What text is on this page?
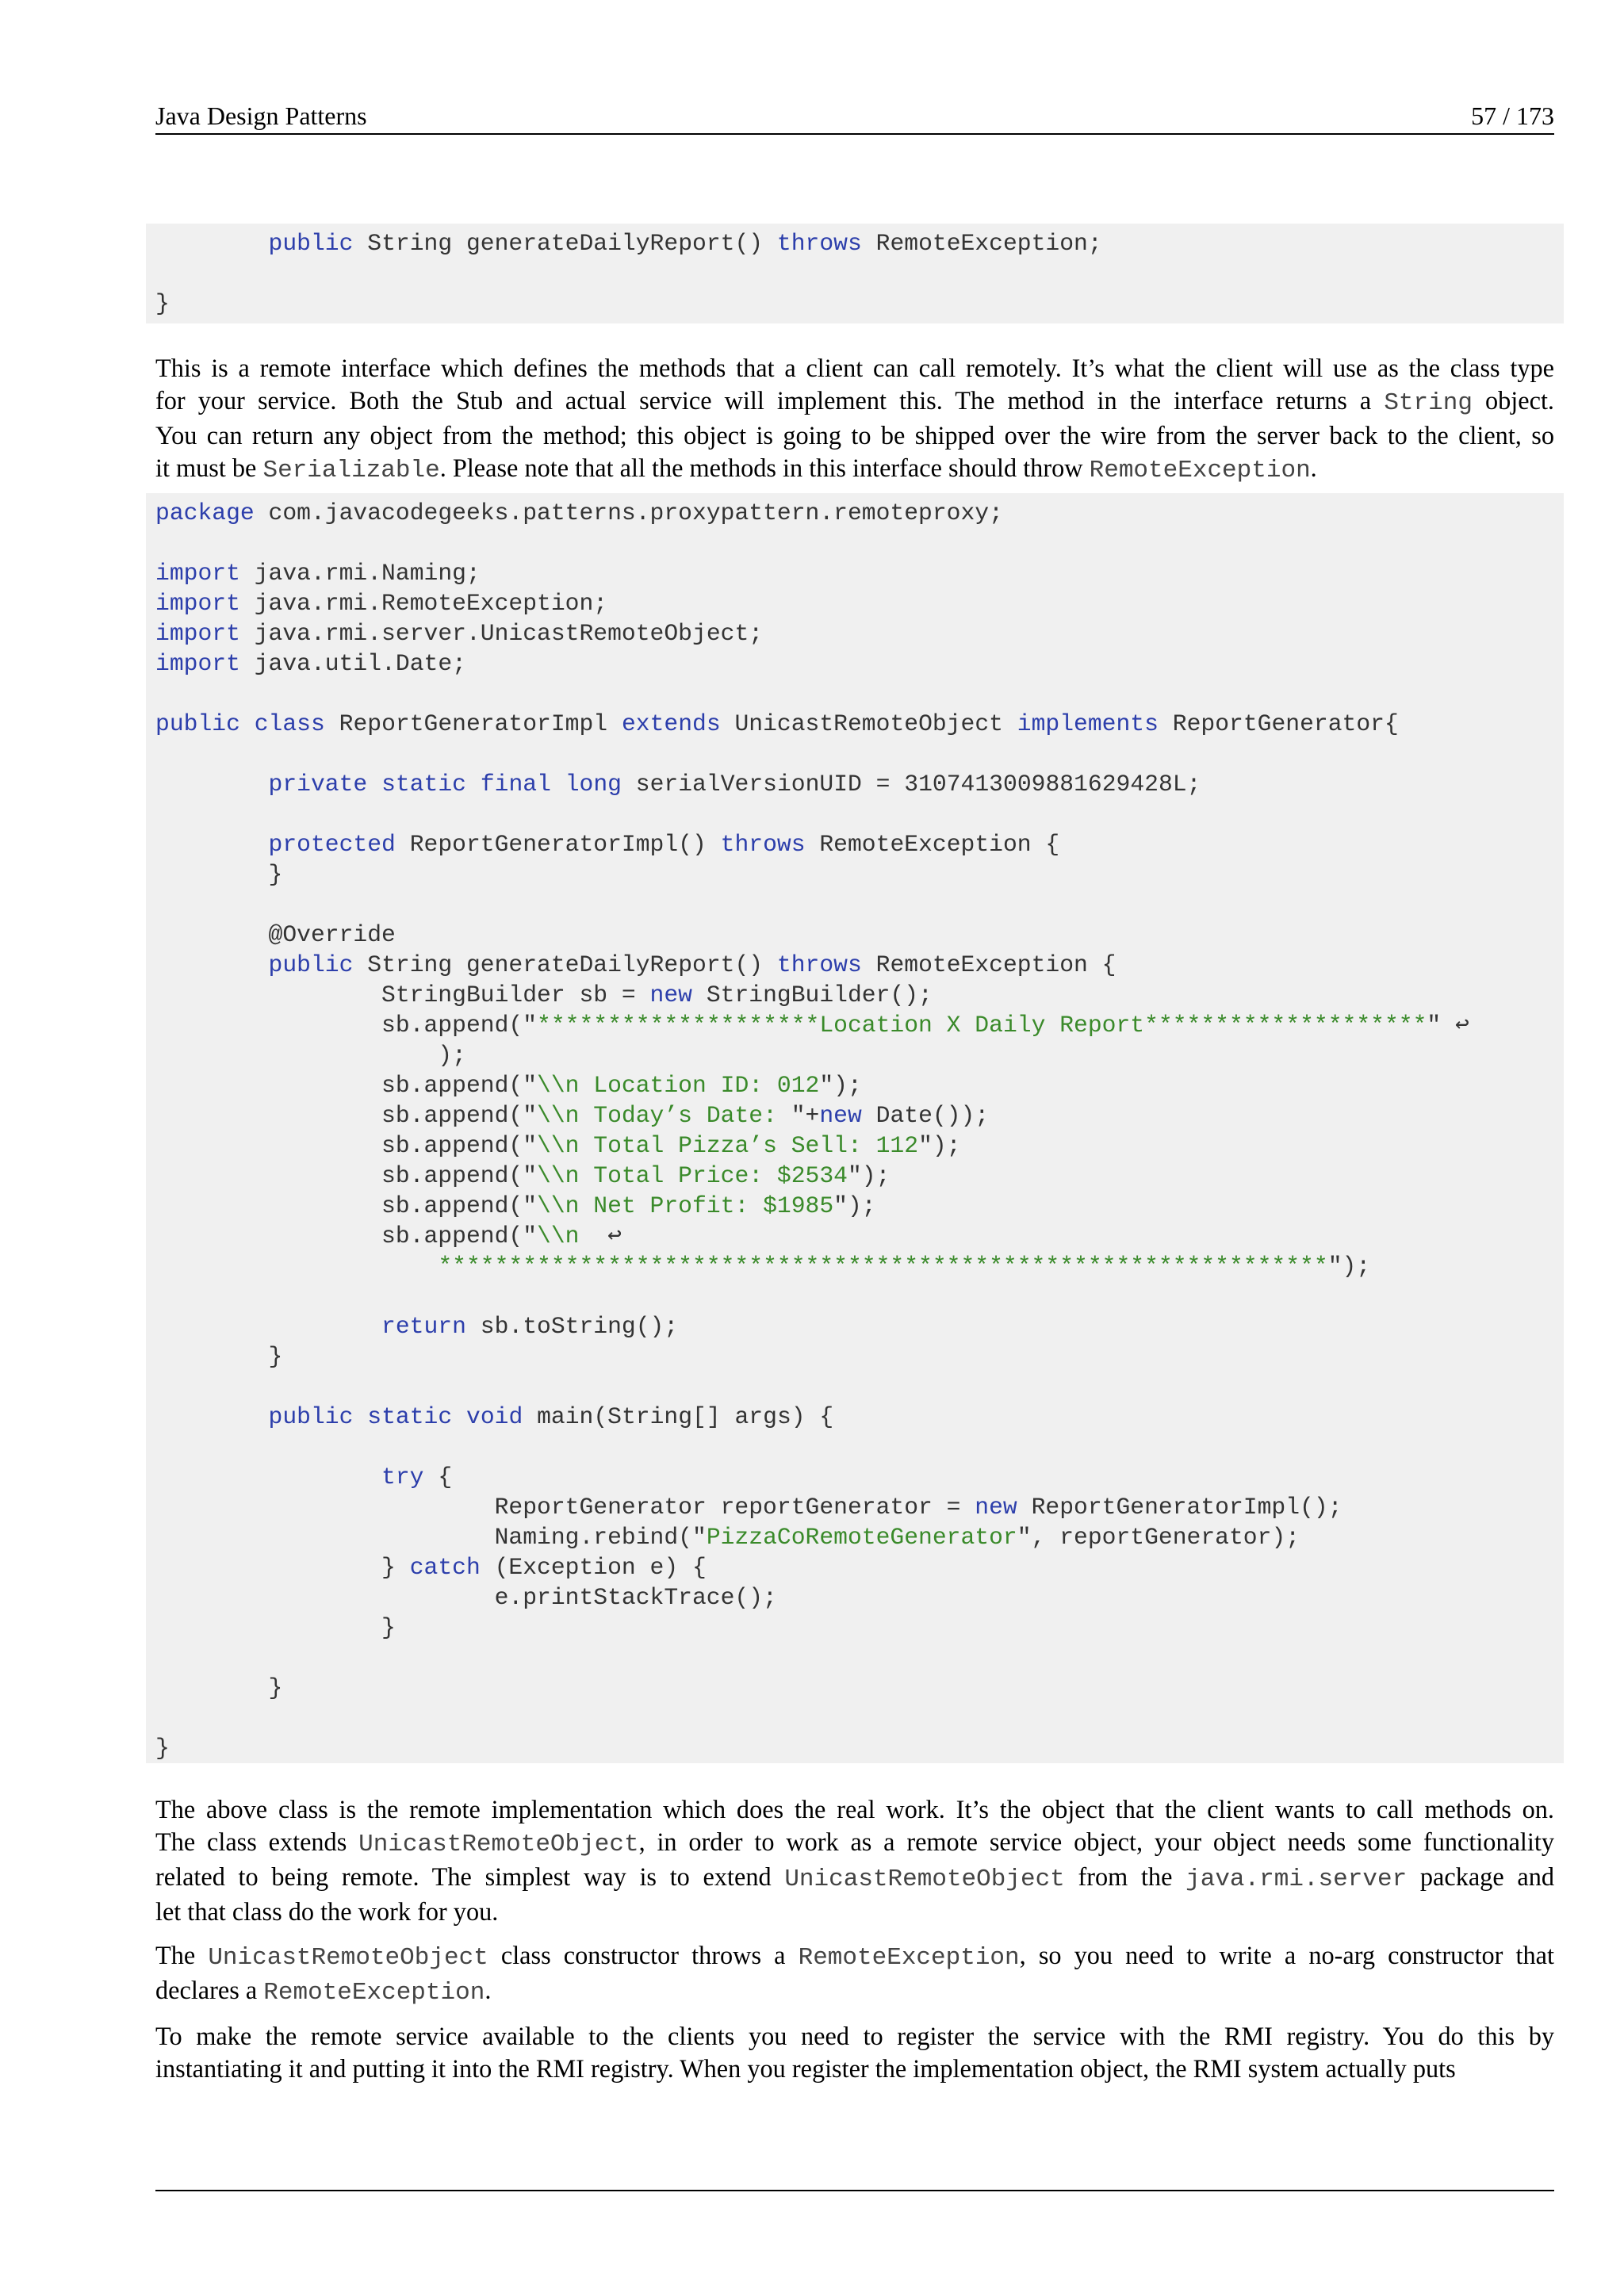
Java Design Patterns	57 / 173
public String generateDailyReport() throws RemoteException;

}
This is a remote interface which defines the methods that a client can call remotely. It’s what the client will use as the class type
for your service. Both the Stub and actual service will implement this. The method in the interface returns a String object.
You can return any object from the method; this object is going to be shipped over the wire from the server back to the client, so
it must be Serializable. Please note that all the methods in this interface should throw RemoteException.
package com.javacodegeeks.patterns.proxypattern.remoteproxy;

import java.rmi.Naming;
import java.rmi.RemoteException;
import java.rmi.server.UnicastRemoteObject;
import java.util.Date;

public class ReportGeneratorImpl extends UnicastRemoteObject implements ReportGenerator{

private static final long serialVersionUID = 3107413009881629428L;

protected ReportGeneratorImpl() throws RemoteException {
}

@Override
public String generateDailyReport() throws RemoteException {
StringBuilder sb = new StringBuilder();
sb.append("********************Location X Daily Report********************" ↩
);
sb.append("\\n Location ID: 012");
sb.append("\\n Today’s Date: "+new Date());
sb.append("\\n Total Pizza’s Sell: 112");
sb.append("\\n Total Price: $2534");
sb.append("\\n Net Profit: $1985");
sb.append("\\n  ↩
***************************************************************");

return sb.toString();
}

public static void main(String[] args) {

try {
ReportGenerator reportGenerator = new ReportGeneratorImpl();
Naming.rebind("PizzaCoRemoteGenerator", reportGenerator);
} catch (Exception e) {
e.printStackTrace();
}

}

}
The above class is the remote implementation which does the real work. It’s the object that the client wants to call methods on.
The class extends UnicastRemoteObject, in order to work as a remote service object, your object needs some functionality
related to being remote. The simplest way is to extend UnicastRemoteObject from the java.rmi.server package and
let that class do the work for you.
The UnicastRemoteObject class constructor throws a RemoteException, so you need to write a no-arg constructor that
declares a RemoteException.
To make the remote service available to the clients you need to register the service with the RMI registry. You do this by
instantiating it and putting it into the RMI registry. When you register the implementation object, the RMI system actually puts
